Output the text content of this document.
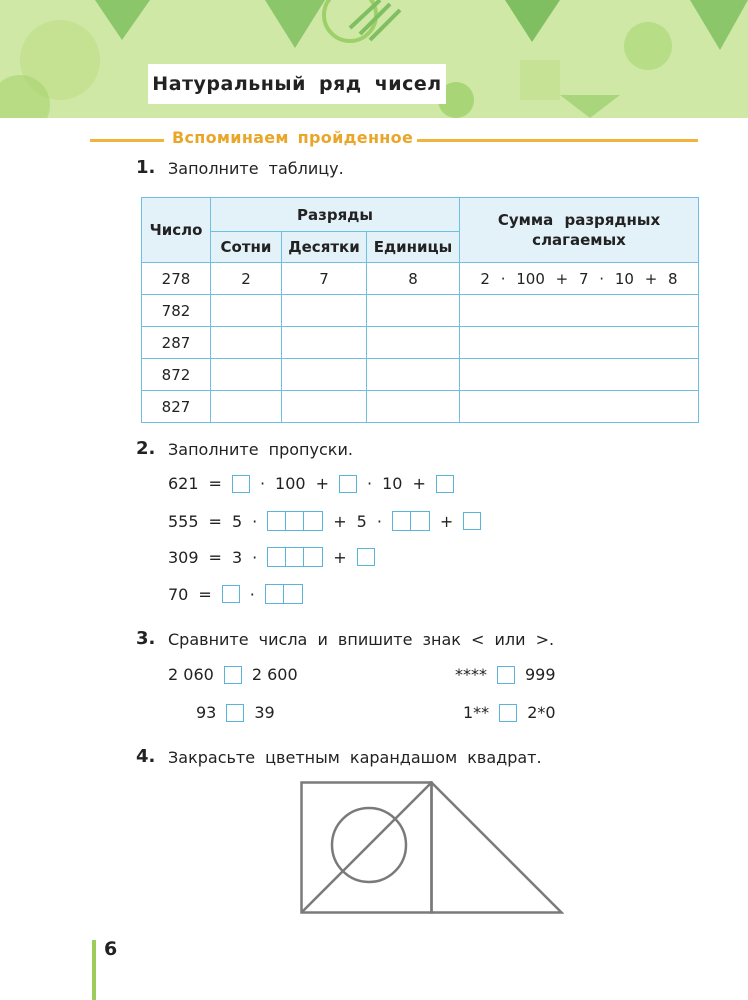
Натуральный ряд чисел
Вспоминаем пройденное
1. Заполните таблицу.
Число	Разряды			Сумма разрядных слагаемых
	Сотни	Десятки	Единицы	
278	2	7	8	2 · 100 + 7 · 10 + 8
782				
287				
872				
827				
2. Заполните пропуски.
621 = · 100 + · 10 +
555 = 5 ·	+ 5 ·	+
309 = 3 ·	+
70 = ·
3. Сравните числа и впишите знак < или >.
2 060 2 600	**** 999
93 39	1** 2*0
4. Закрасьте цветным карандашом квадрат.
6
